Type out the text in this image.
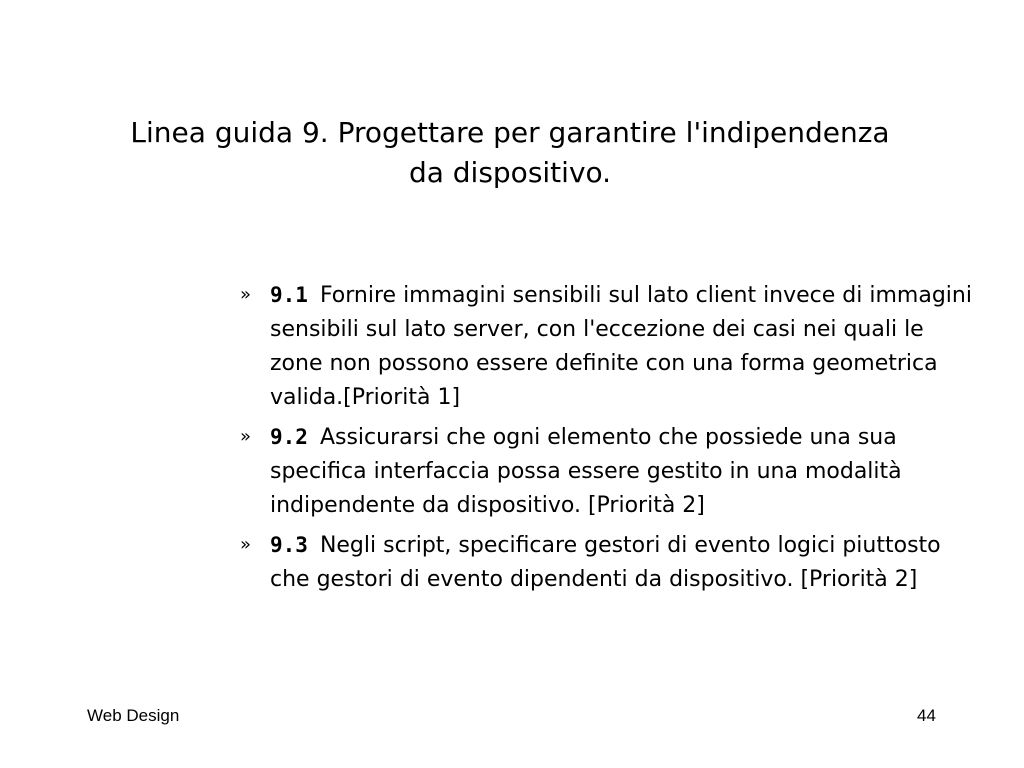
Linea guida 9. Progettare per garantire l'indipendenza
da dispositivo.
» 9.1 Fornire immagini sensibili sul lato client invece di immagini sensibili sul lato server, con l'eccezione dei casi nei quali le zone non possono essere definite con una forma geometrica valida.[Priorità 1]
» 9.2 Assicurarsi che ogni elemento che possiede una sua specifica interfaccia possa essere gestito in una modalità indipendente da dispositivo. [Priorità 2]
» 9.3 Negli script, specificare gestori di evento logici piuttosto che gestori di evento dipendenti da dispositivo. [Priorità 2]
Web Design	44
